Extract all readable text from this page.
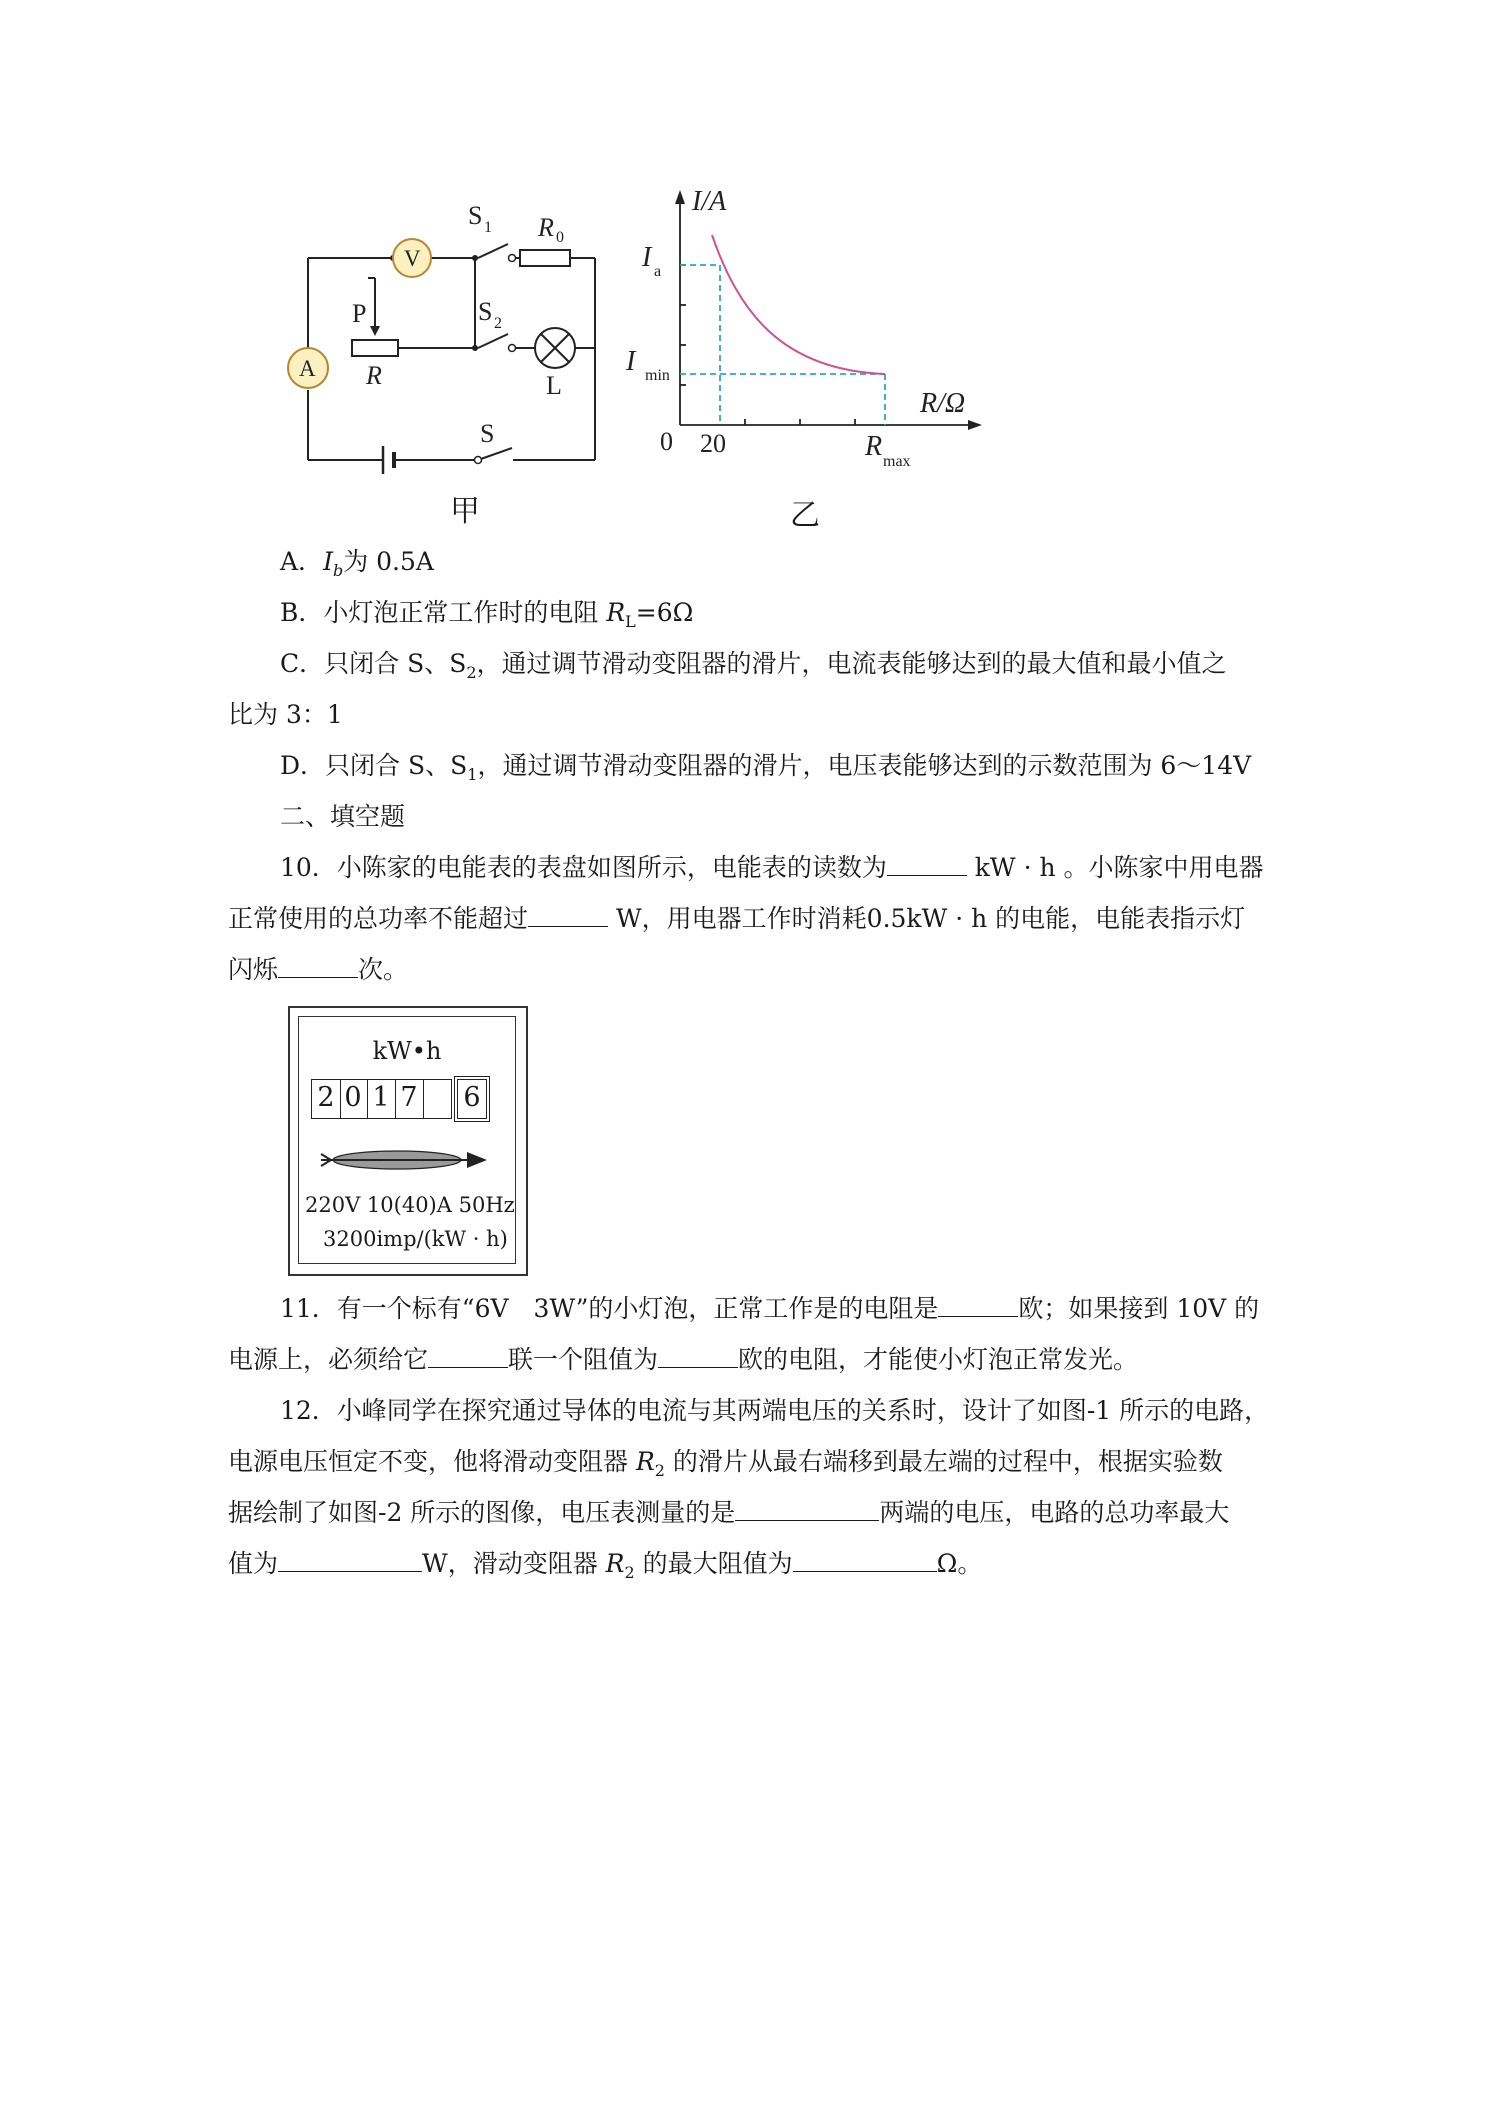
V
A
S 1 R 0
P	S 2
R	L
S
甲
I/A
R/Ω
I a
I min
0 20	R max
乙
A．$I_b$为 0.5A
B．小灯泡正常工作时的电阻 $R_L=6\Omega$
C．只闭合 S、$S_2$，通过调节滑动变阻器的滑片，电流表能够达到的最大值和最小值之
比为 3：1
D．只闭合 S、$S_1$，通过调节滑动变阻器的滑片，电压表能够达到的示数范围为 6～14V
二、填空题
10．小陈家的电能表的表盘如图所示，电能表的读数为	kW · h 。小陈家中用电器
正常使用的总功率不能超过	W，用电器工作时消耗0.5kW · h 的电能，电能表指示灯
闪烁	次。
kW•h
2 0 1 7 6
220V 10(40)A 50Hz
3200imp/(kW · h)
11．有一个标有“6V　3W”的小灯泡，正常工作是的电阻是	欧；如果接到 10V 的
电源上，必须给它	联一个阻值为	欧的电阻，才能使小灯泡正常发光。
12．小峰同学在探究通过导体的电流与其两端电压的关系时，设计了如图-1 所示的电路，
电源电压恒定不变，他将滑动变阻器 $R_2$ 的滑片从最右端移到最左端的过程中，根据实验数
据绘制了如图-2 所示的图像，电压表测量的是	两端的电压，电路的总功率最大
值为	W，滑动变阻器 $R_2$ 的最大阻值为	Ω。
